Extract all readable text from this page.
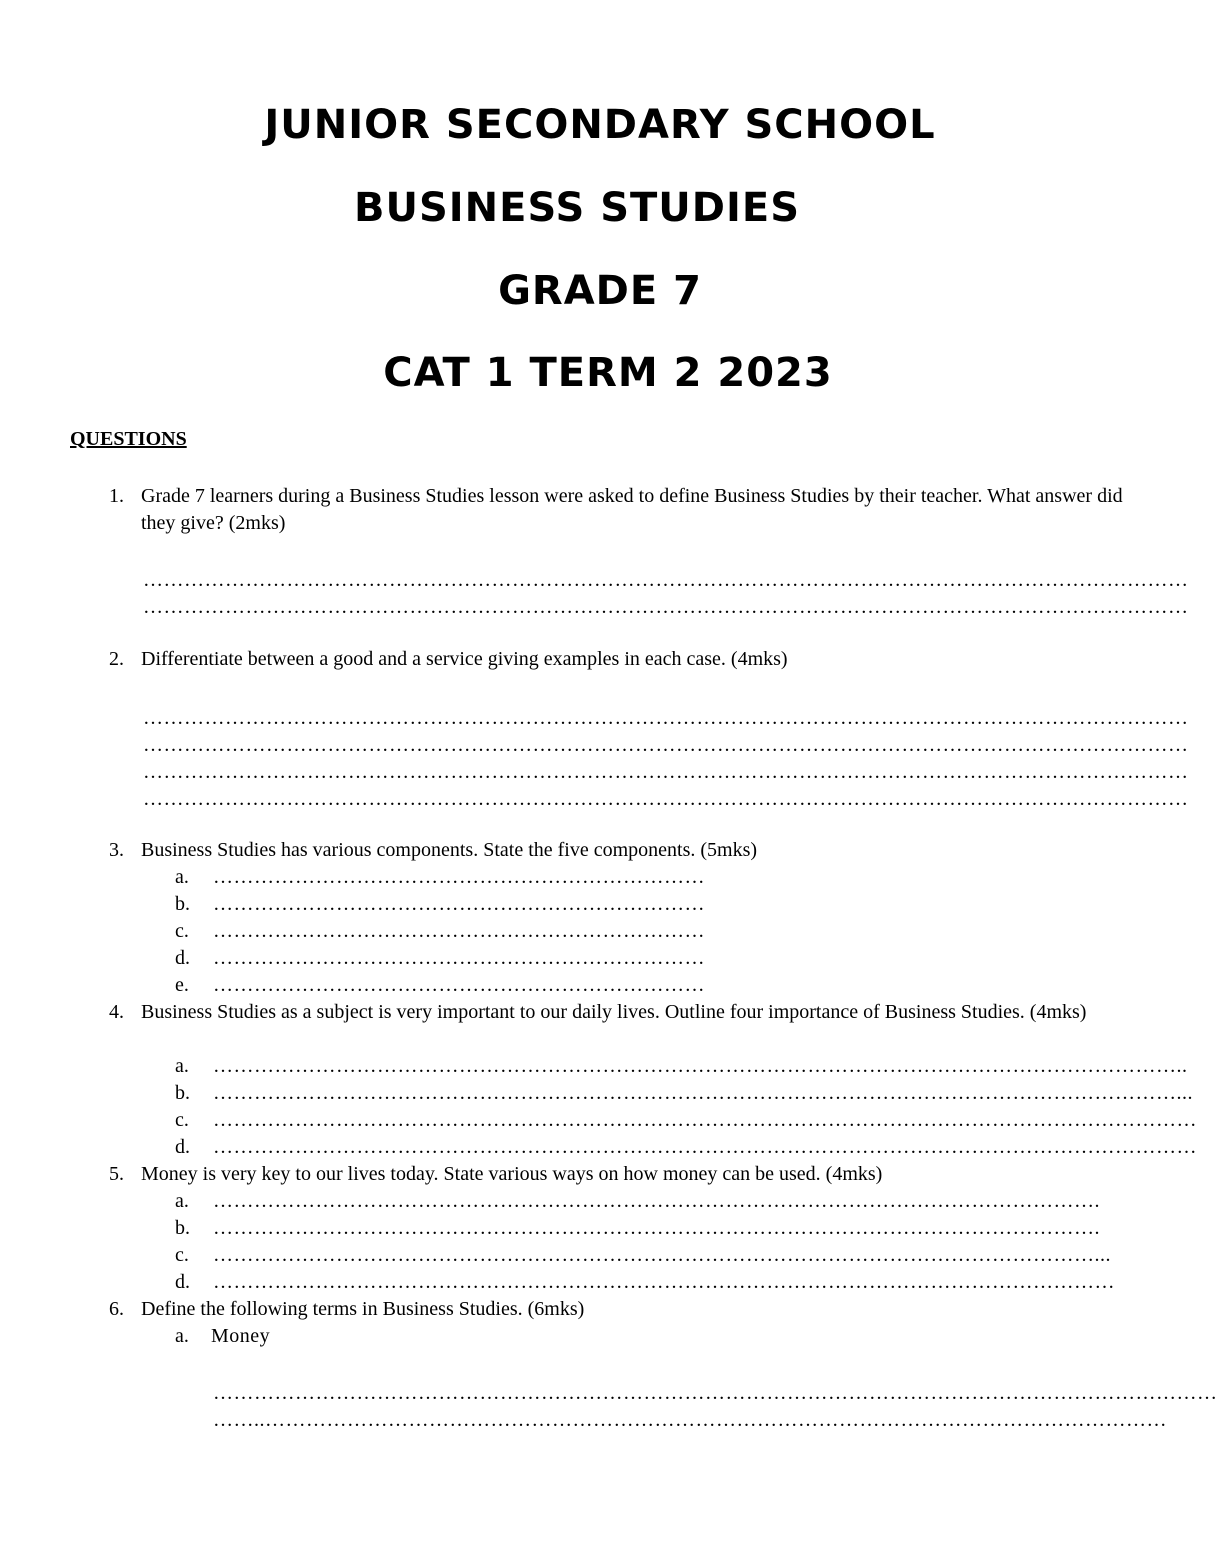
JUNIOR SECONDARY SCHOOL
BUSINESS STUDIES
GRADE 7
CAT 1 TERM 2 2023

QUESTIONS

1. Grade 7 learners during a Business Studies lesson were asked to define Business Studies by their teacher. What answer did they give? (2mks)
………………………………………………………………………………………………………………………………………
………………………………………………………………………………………………………………………………………
2. Differentiate between a good and a service giving examples in each case. (4mks)
………………………………………………………………………………………………………………………………………
………………………………………………………………………………………………………………………………………
………………………………………………………………………………………………………………………………………
………………………………………………………………………………………………………………………………………
3. Business Studies has various components. State the five components. (5mks)
a. ………………………………………………………………
b. ………………………………………………………………
c. ………………………………………………………………
d. ………………………………………………………………
e. ………………………………………………………………
4. Business Studies as a subject is very important to our daily lives. Outline four importance of Business Studies. (4mks)
a. ……………………………………………………………………………………………………………………………..
b. ……………………………………………………………………………………………………………………………...
c. ………………………………………………………………………………………………………………………………
d. ………………………………………………………………………………………………………………………………
5. Money is very key to our lives today. State various ways on how money can be used. (4mks)
a. ………………………………………………………………………………………………………………….
b. ………………………………………………………………………………………………………………….
c. …………………………………………………………………………………………………………………...
d. ……………………………………………………………………………………………………………………
6. Define the following terms in Business Studies. (6mks)
a. Money
…………………………………………………………………………………………………………………………………
……..……………………………………………………………………………………………………………………
